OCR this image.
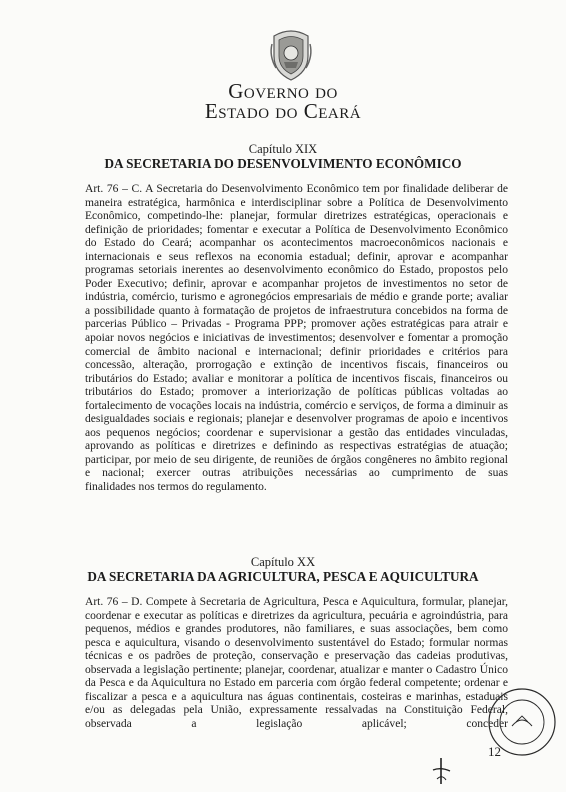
Governo do
Estado do Ceará
Capítulo XIX
DA SECRETARIA DO DESENVOLVIMENTO ECONÔMICO

Art. 76 – C. A Secretaria do Desenvolvimento Econômico tem por finalidade deliberar de maneira estratégica, harmônica e interdisciplinar sobre a Política de Desenvolvimento Econômico, competindo-lhe: planejar, formular diretrizes estratégicas, operacionais e definição de prioridades; fomentar e executar a Política de Desenvolvimento Econômico do Estado do Ceará; acompanhar os acontecimentos macroeconômicos nacionais e internacionais e seus reflexos na economia estadual; definir, aprovar e acompanhar programas setoriais inerentes ao desenvolvimento econômico do Estado, propostos pelo Poder Executivo; definir, aprovar e acompanhar projetos de investimentos no setor de indústria, comércio, turismo e agronegócios empresariais de médio e grande porte; avaliar a possibilidade quanto à formatação de projetos de infraestrutura concebidos na forma de parcerias Público – Privadas - Programa PPP; promover ações estratégicas para atrair e apoiar novos negócios e iniciativas de investimentos; desenvolver e fomentar a promoção comercial de âmbito nacional e internacional; definir prioridades e critérios para concessão, alteração, prorrogação e extinção de incentivos fiscais, financeiros ou tributários do Estado; avaliar e monitorar a política de incentivos fiscais, financeiros ou tributários do Estado; promover a interiorização de políticas públicas voltadas ao fortalecimento de vocações locais na indústria, comércio e serviços, de forma a diminuir as desigualdades sociais e regionais; planejar e desenvolver programas de apoio e incentivos aos pequenos negócios; coordenar e supervisionar a gestão das entidades vinculadas, aprovando as políticas e diretrizes e definindo as respectivas estratégias de atuação; participar, por meio de seu dirigente, de reuniões de órgãos congêneres no âmbito regional e nacional; exercer outras atribuições necessárias ao cumprimento de suas
finalidades nos termos do regulamento.

Capítulo XX
DA SECRETARIA DA AGRICULTURA, PESCA E AQUICULTURA

Art. 76 – D. Compete à Secretaria de Agricultura, Pesca e Aquicultura, formular, planejar, coordenar e executar as políticas e diretrizes da agricultura, pecuária e agroindústria, para pequenos, médios e grandes produtores, não familiares, e suas associações, bem como pesca e aquicultura, visando o desenvolvimento sustentável do Estado; formular normas técnicas e os padrões de proteção, conservação e preservação das cadeias produtivas, observada a legislação pertinente; planejar, coordenar, atualizar e manter o Cadastro Único da Pesca e da Aquicultura no Estado em parceria com órgão federal competente; ordenar e fiscalizar a pesca e a aquicultura nas águas continentais, costeiras e marinhas, estaduais e/ou as delegadas pela União, expressamente ressalvadas na Constituição Federal, observada a legislação aplicável; conceder

12
